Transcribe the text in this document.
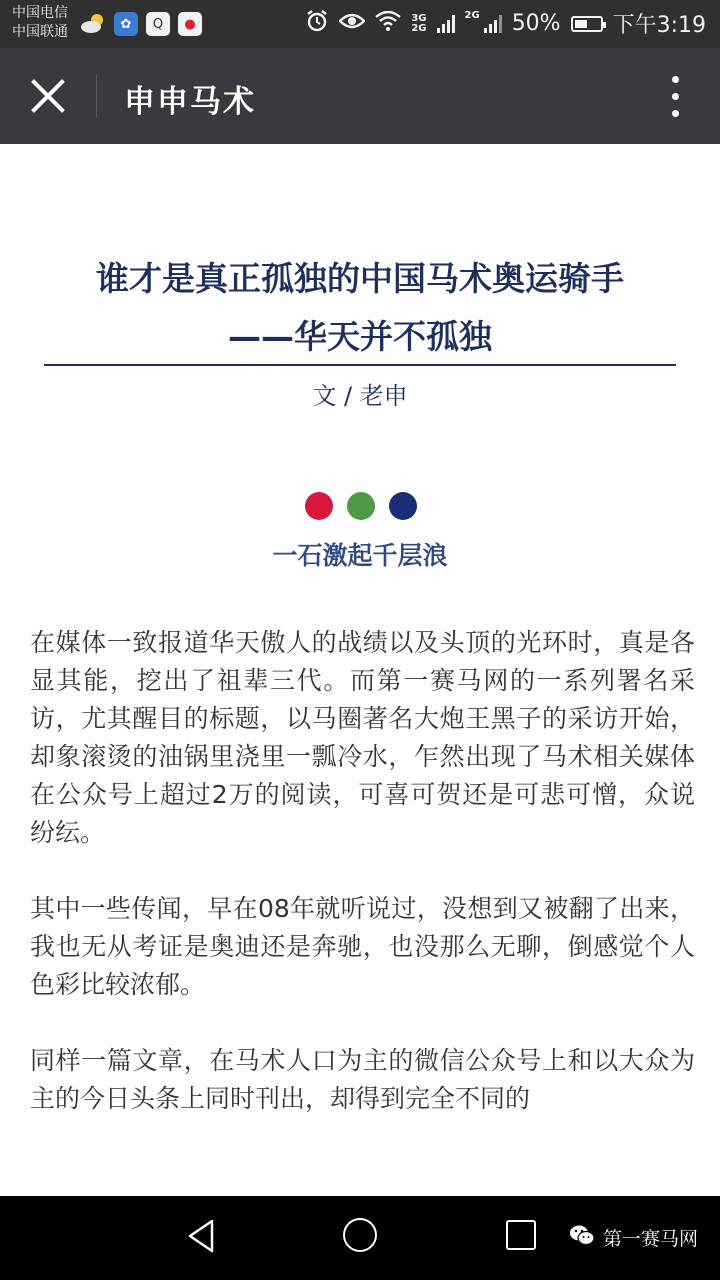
中国电信
中国联通	✿	Q	●	3G
2G
2G 50% 下午3:19
申申马术
谁才是真正孤独的中国马术奥运骑手
——华天并不孤独
文 / 老申
一石激起千层浪

在媒体一致报道华天傲人的战绩以及头顶的光环时，真是各显其能，挖出了祖辈三代。而第一赛马网的一系列署名采访，尤其醒目的标题，以马圈著名大炮王黑子的采访开始，却象滚烫的油锅里浇里一瓢冷水，乍然出现了马术相关媒体在公众号上超过2万的阅读，可喜可贺还是可悲可憎，众说纷纭。

其中一些传闻，早在08年就听说过，没想到又被翻了出来，我也无从考证是奥迪还是奔驰，也没那么无聊，倒感觉个人色彩比较浓郁。

同样一篇文章，在马术人口为主的微信公众号上和以大众为主的今日头条上同时刊出，却得到完全不同的

第一赛马网
